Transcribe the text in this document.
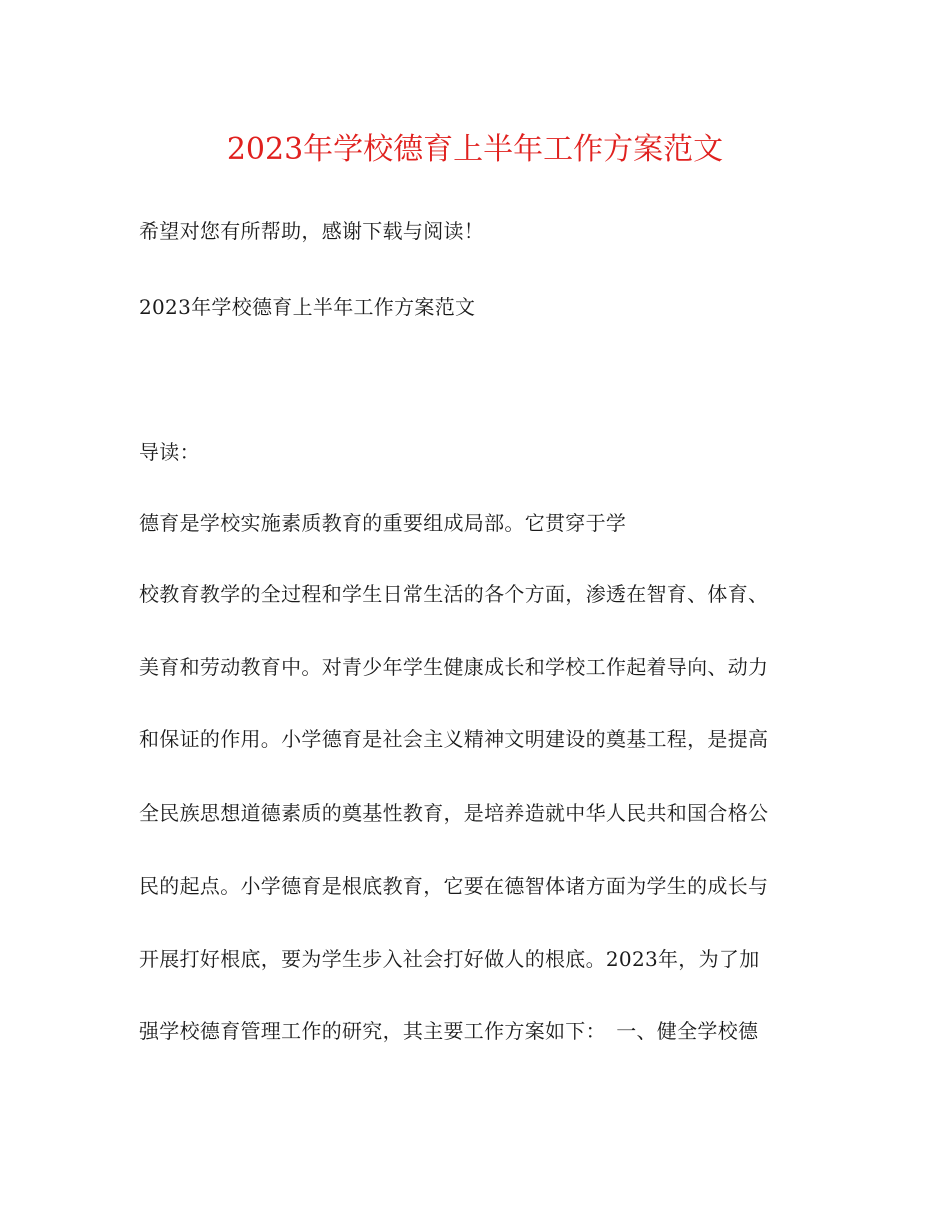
2023年学校德育上半年工作方案范文
希望对您有所帮助，感谢下载与阅读！
2023年学校德育上半年工作方案范文
导读：
德育是学校实施素质教育的重要组成局部。它贯穿于学
校教育教学的全过程和学生日常生活的各个方面，渗透在智育、体育、
美育和劳动教育中。对青少年学生健康成长和学校工作起着导向、动力
和保证的作用。小学德育是社会主义精神文明建设的奠基工程，是提高
全民族思想道德素质的奠基性教育，是培养造就中华人民共和国合格公
民的起点。小学德育是根底教育，它要在德智体诸方面为学生的成长与
开展打好根底，要为学生步入社会打好做人的根底。2023年，为了加
强学校德育管理工作的研究，其主要工作方案如下：　一、健全学校德
